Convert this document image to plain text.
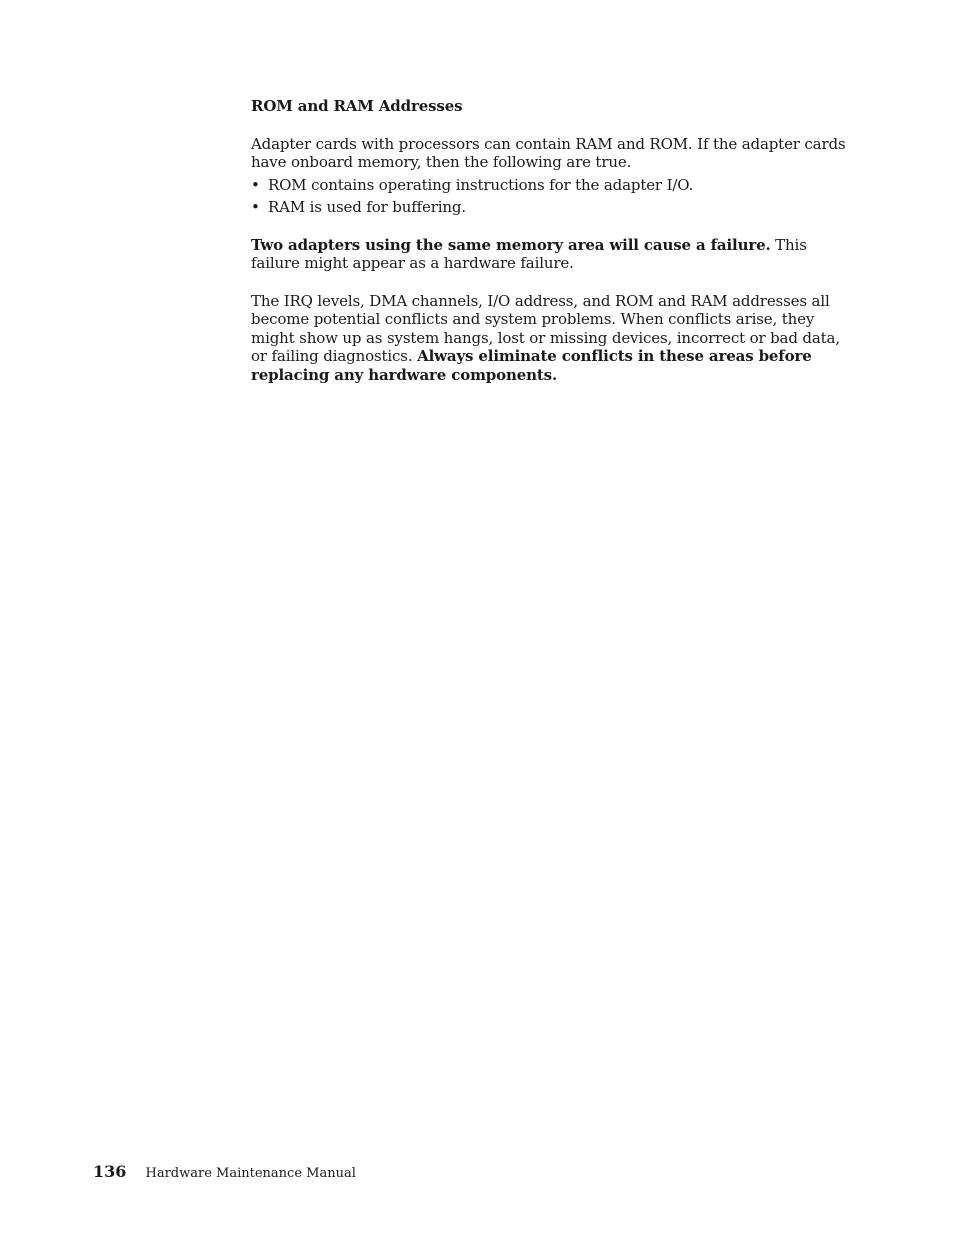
ROM and RAM Addresses

Adapter cards with processors can contain RAM and ROM. If the adapter cards have onboard memory, then the following are true.

• ROM contains operating instructions for the adapter I/O.
• RAM is used for buffering.

Two adapters using the same memory area will cause a failure. This failure might appear as a hardware failure.

The IRQ levels, DMA channels, I/O address, and ROM and RAM addresses all become potential conflicts and system problems. When conflicts arise, they might show up as system hangs, lost or missing devices, incorrect or bad data, or failing diagnostics. Always eliminate conflicts in these areas before replacing any hardware components.

136 Hardware Maintenance Manual
